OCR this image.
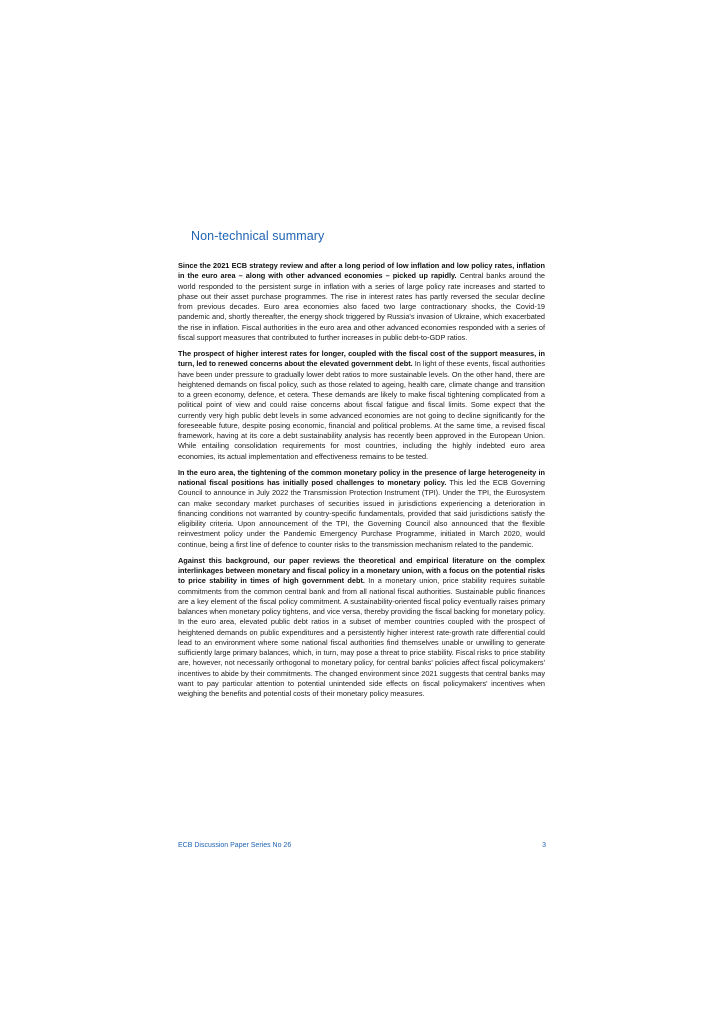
Non-technical summary

Since the 2021 ECB strategy review and after a long period of low inflation and low policy rates, inflation in the euro area – along with other advanced economies – picked up rapidly. Central banks around the world responded to the persistent surge in inflation with a series of large policy rate increases and started to phase out their asset purchase programmes. The rise in interest rates has partly reversed the secular decline from previous decades. Euro area economies also faced two large contractionary shocks, the Covid-19 pandemic and, shortly thereafter, the energy shock triggered by Russia's invasion of Ukraine, which exacerbated the rise in inflation. Fiscal authorities in the euro area and other advanced economies responded with a series of fiscal support measures that contributed to further increases in public debt-to-GDP ratios.

The prospect of higher interest rates for longer, coupled with the fiscal cost of the support measures, in turn, led to renewed concerns about the elevated government debt. In light of these events, fiscal authorities have been under pressure to gradually lower debt ratios to more sustainable levels. On the other hand, there are heightened demands on fiscal policy, such as those related to ageing, health care, climate change and transition to a green economy, defence, et cetera. These demands are likely to make fiscal tightening complicated from a political point of view and could raise concerns about fiscal fatigue and fiscal limits. Some expect that the currently very high public debt levels in some advanced economies are not going to decline significantly for the foreseeable future, despite posing economic, financial and political problems. At the same time, a revised fiscal framework, having at its core a debt sustainability analysis has recently been approved in the European Union. While entailing consolidation requirements for most countries, including the highly indebted euro area economies, its actual implementation and effectiveness remains to be tested.

In the euro area, the tightening of the common monetary policy in the presence of large heterogeneity in national fiscal positions has initially posed challenges to monetary policy. This led the ECB Governing Council to announce in July 2022 the Transmission Protection Instrument (TPI). Under the TPI, the Eurosystem can make secondary market purchases of securities issued in jurisdictions experiencing a deterioration in financing conditions not warranted by country-specific fundamentals, provided that said jurisdictions satisfy the eligibility criteria. Upon announcement of the TPI, the Governing Council also announced that the flexible reinvestment policy under the Pandemic Emergency Purchase Programme, initiated in March 2020, would continue, being a first line of defence to counter risks to the transmission mechanism related to the pandemic.

Against this background, our paper reviews the theoretical and empirical literature on the complex interlinkages between monetary and fiscal policy in a monetary union, with a focus on the potential risks to price stability in times of high government debt. In a monetary union, price stability requires suitable commitments from the common central bank and from all national fiscal authorities. Sustainable public finances are a key element of the fiscal policy commitment. A sustainability-oriented fiscal policy eventually raises primary balances when monetary policy tightens, and vice versa, thereby providing the fiscal backing for monetary policy. In the euro area, elevated public debt ratios in a subset of member countries coupled with the prospect of heightened demands on public expenditures and a persistently higher interest rate-growth rate differential could lead to an environment where some national fiscal authorities find themselves unable or unwilling to generate sufficiently large primary balances, which, in turn, may pose a threat to price stability. Fiscal risks to price stability are, however, not necessarily orthogonal to monetary policy, for central banks' policies affect fiscal policymakers' incentives to abide by their commitments. The changed environment since 2021 suggests that central banks may want to pay particular attention to potential unintended side effects on fiscal policymakers' incentives when weighing the benefits and potential costs of their monetary policy measures.

ECB Discussion Paper Series No 26	3
